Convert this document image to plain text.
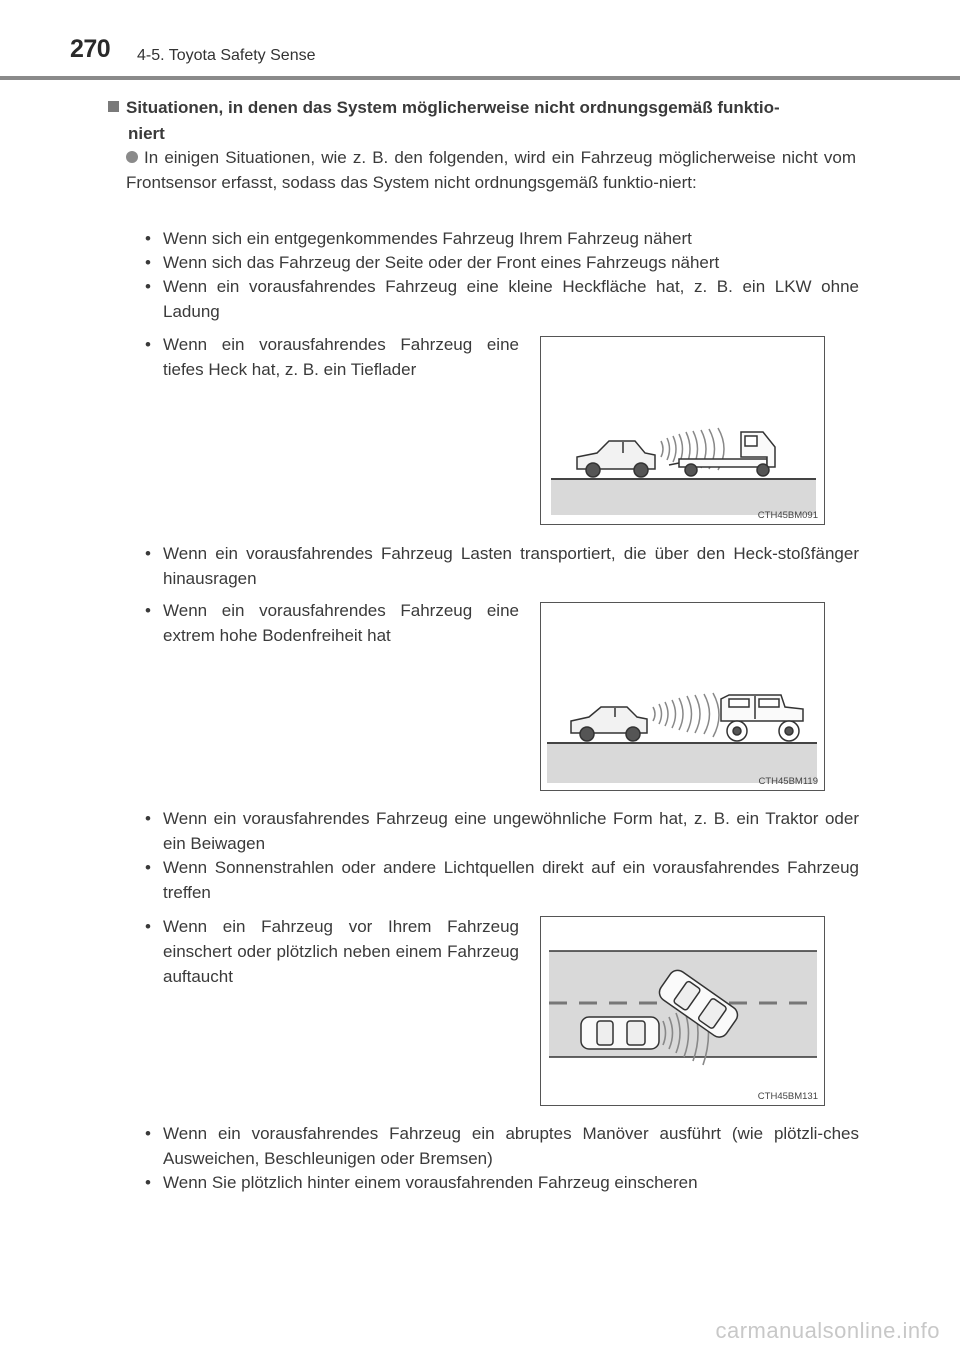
270 4-5. Toyota Safety Sense
Situationen, in denen das System möglicherweise nicht ordnungsgemäß funktio-
niert
In einigen Situationen, wie z. B. den folgenden, wird ein Fahrzeug möglicherweise nicht vom Frontsensor erfasst, sodass das System nicht ordnungsgemäß funktio-niert:
• Wenn sich ein entgegenkommendes Fahrzeug Ihrem Fahrzeug nähert
• Wenn sich das Fahrzeug der Seite oder der Front eines Fahrzeugs nähert
• Wenn ein vorausfahrendes Fahrzeug eine kleine Heckfläche hat, z. B. ein LKW ohne Ladung
• Wenn ein vorausfahrendes Fahrzeug eine tiefes Heck hat, z. B. ein Tieflader
CTH45BM091
• Wenn ein vorausfahrendes Fahrzeug Lasten transportiert, die über den Heck-stoßfänger hinausragen
• Wenn ein vorausfahrendes Fahrzeug eine extrem hohe Bodenfreiheit hat
CTH45BM119
• Wenn ein vorausfahrendes Fahrzeug eine ungewöhnliche Form hat, z. B. ein Traktor oder ein Beiwagen
• Wenn Sonnenstrahlen oder andere Lichtquellen direkt auf ein vorausfahrendes Fahrzeug treffen
• Wenn ein Fahrzeug vor Ihrem Fahrzeug einschert oder plötzlich neben einem Fahrzeug auftaucht
CTH45BM131
• Wenn ein vorausfahrendes Fahrzeug ein abruptes Manöver ausführt (wie plötzli-ches Ausweichen, Beschleunigen oder Bremsen)
• Wenn Sie plötzlich hinter einem vorausfahrenden Fahrzeug einscheren
carmanualsonline.info
